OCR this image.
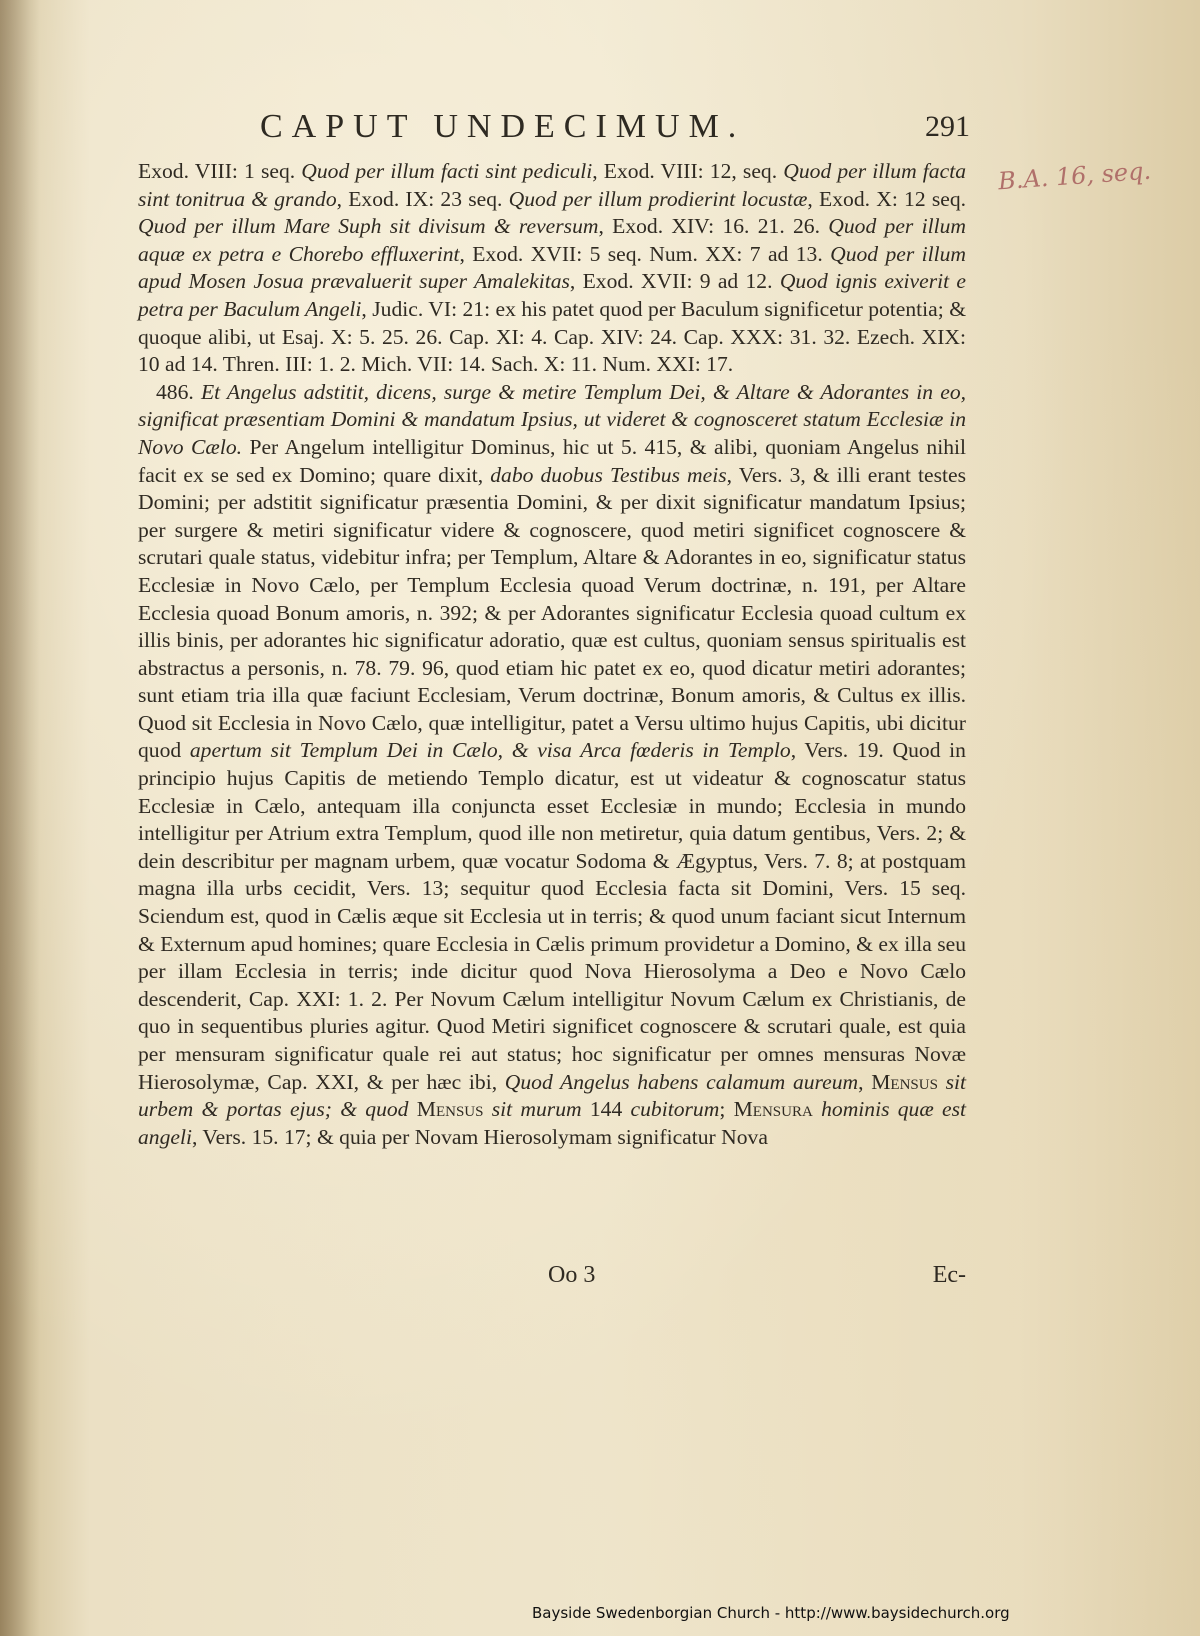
CAPUT UNDECIMUM.	291
B.A. 16, seq.

Exod. VIII: 1 seq. Quod per illum facti sint pediculi, Exod. VIII: 12, seq. Quod per illum facta sint tonitrua & grando, Exod. IX: 23 seq. Quod per illum prodierint locustæ, Exod. X: 12 seq. Quod per illum Mare Suph sit divisum & reversum, Exod. XIV: 16. 21. 26. Quod per illum aquæ ex petra e Chorebo effluxerint, Exod. XVII: 5 seq. Num. XX: 7 ad 13. Quod per illum apud Mosen Josua prævaluerit super Amalekitas, Exod. XVII: 9 ad 12. Quod ignis exiverit e petra per Baculum Angeli, Judic. VI: 21: ex his patet quod per Baculum significetur potentia; & quoque alibi, ut Esaj. X: 5. 25. 26. Cap. XI: 4. Cap. XIV: 24. Cap. XXX: 31. 32. Ezech. XIX: 10 ad 14. Thren. III: 1. 2. Mich. VII: 14. Sach. X: 11. Num. XXI: 17.

486. Et Angelus adstitit, dicens, surge & metire Templum Dei, & Altare & Adorantes in eo, significat præsentiam Domini & mandatum Ipsius, ut videret & cognosceret statum Ecclesiæ in Novo Cælo. Per Angelum intelligitur Dominus, hic ut 5. 415, & alibi, quoniam Angelus nihil facit ex se sed ex Domino; quare dixit, dabo duobus Testibus meis, Vers. 3, & illi erant testes Domini; per adstitit significatur præsentia Domini, & per dixit significatur mandatum Ipsius; per surgere & metiri significatur videre & cognoscere, quod metiri significet cognoscere & scrutari quale status, videbitur infra; per Templum, Altare & Adorantes in eo, significatur status Ecclesiæ in Novo Cælo, per Templum Ecclesia quoad Verum doctrinæ, n. 191, per Altare Ecclesia quoad Bonum amoris, n. 392; & per Adorantes significatur Ecclesia quoad cultum ex illis binis, per adorantes hic significatur adoratio, quæ est cultus, quoniam sensus spiritualis est abstractus a personis, n. 78. 79. 96, quod etiam hic patet ex eo, quod dicatur metiri adorantes; sunt etiam tria illa quæ faciunt Ecclesiam, Verum doctrinæ, Bonum amoris, & Cultus ex illis. Quod sit Ecclesia in Novo Cælo, quæ intelligitur, patet a Versu ultimo hujus Capitis, ubi dicitur quod apertum sit Templum Dei in Cælo, & visa Arca fœderis in Templo, Vers. 19. Quod in principio hujus Capitis de metiendo Templo dicatur, est ut videatur & cognoscatur status Ecclesiæ in Cælo, antequam illa conjuncta esset Ecclesiæ in mundo; Ecclesia in mundo intelligitur per Atrium extra Templum, quod ille non metiretur, quia datum gentibus, Vers. 2; & dein describitur per magnam urbem, quæ vocatur Sodoma & Ægyptus, Vers. 7. 8; at postquam magna illa urbs cecidit, Vers. 13; sequitur quod Ecclesia facta sit Domini, Vers. 15 seq. Sciendum est, quod in Cælis æque sit Ecclesia ut in terris; & quod unum faciant sicut Internum & Externum apud homines; quare Ecclesia in Cælis primum providetur a Domino, & ex illa seu per illam Ecclesia in terris; inde dicitur quod Nova Hierosolyma a Deo e Novo Cælo descenderit, Cap. XXI: 1. 2. Per Novum Cælum intelligitur Novum Cælum ex Christianis, de quo in sequentibus pluries agitur. Quod Metiri significet cognoscere & scrutari quale, est quia per mensuram significatur quale rei aut status; hoc significatur per omnes mensuras Novæ Hierosolymæ, Cap. XXI, & per hæc ibi, Quod Angelus habens calamum aureum, Mensus sit urbem & portas ejus; & quod Mensus sit murum 144 cubitorum; Mensura hominis quæ est angeli, Vers. 15. 17; & quia per Novam Hierosolymam significatur Nova

Oo 3	Ec-
Bayside Swedenborgian Church - http://www.baysidechurch.org
